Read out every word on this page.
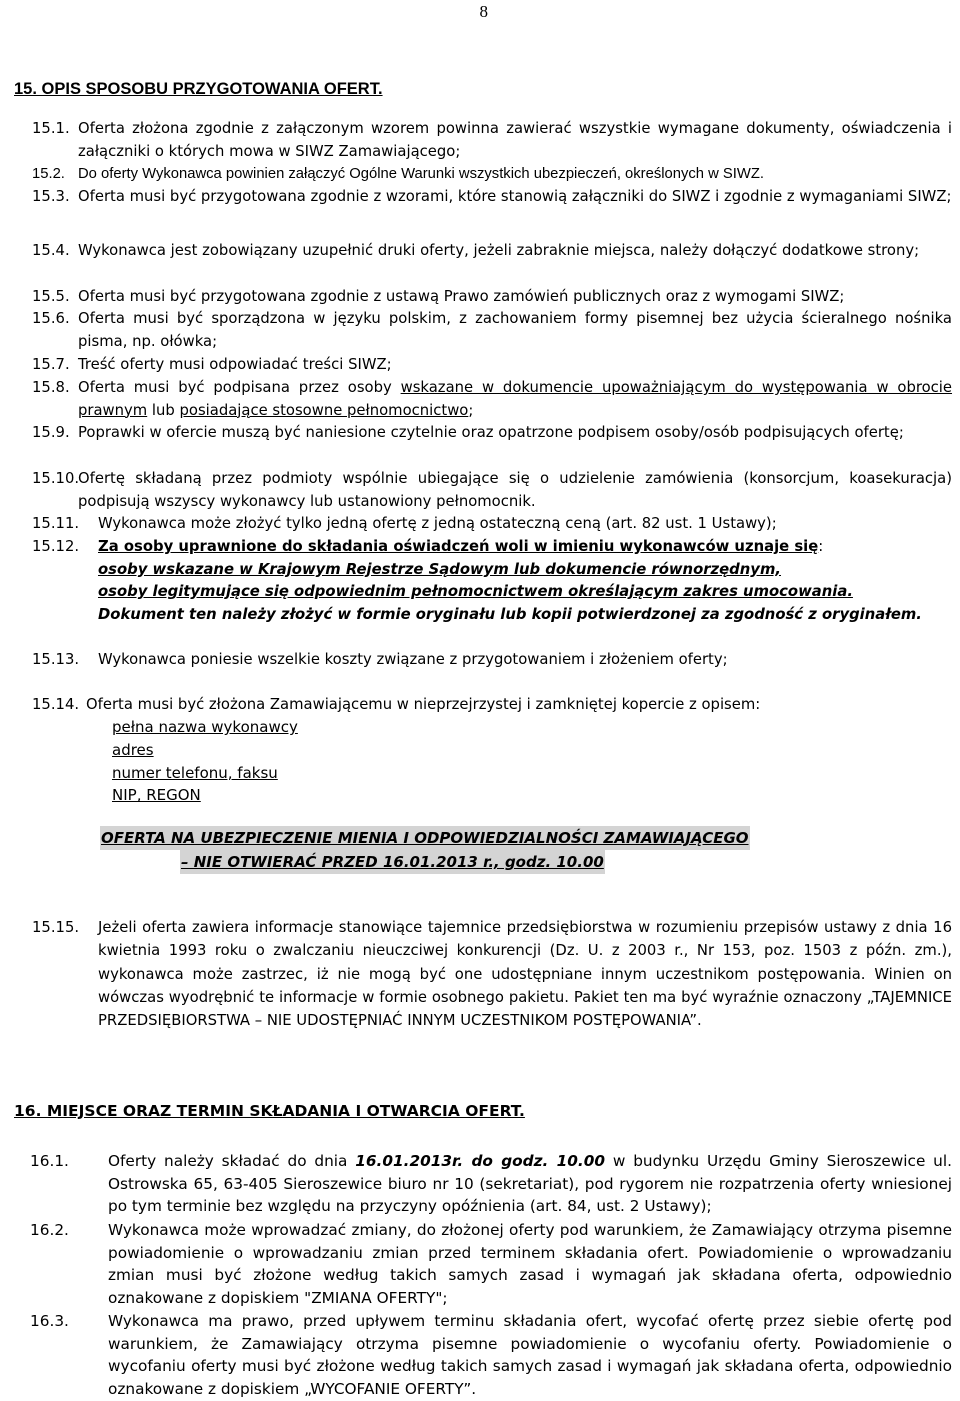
8
15. OPIS SPOSOBU PRZYGOTOWANIA OFERT.
15.1. Oferta złożona zgodnie z załączonym wzorem powinna zawierać wszystkie wymagane dokumenty, oświadczenia i załączniki o których mowa w SIWZ Zamawiającego;
15.2. Do oferty Wykonawca powinien załączyć Ogólne Warunki wszystkich ubezpieczeń, określonych w SIWZ.
15.3. Oferta musi być przygotowana zgodnie z wzorami, które stanowią załączniki do SIWZ i zgodnie z wymaganiami SIWZ;
15.4. Wykonawca jest zobowiązany uzupełnić druki oferty, jeżeli zabraknie miejsca, należy dołączyć dodatkowe strony;
15.5. Oferta musi być przygotowana zgodnie z ustawą Prawo zamówień publicznych oraz z wymogami SIWZ;
15.6. Oferta musi być sporządzona w języku polskim, z zachowaniem formy pisemnej bez użycia ścieralnego nośnika pisma, np. ołówka;
15.7. Treść oferty musi odpowiadać treści SIWZ;
15.8. Oferta musi być podpisana przez osoby wskazane w dokumencie upoważniającym do występowania w obrocie prawnym lub posiadające stosowne pełnomocnictwo;
15.9. Poprawki w ofercie muszą być naniesione czytelnie oraz opatrzone podpisem osoby/osób podpisujących ofertę;
15.10.
Ofertę składaną przez podmioty wspólnie ubiegające się o udzielenie zamówienia (konsorcjum, koasekuracja) podpisują wszyscy wykonawcy lub ustanowiony pełnomocnik.
15.11. Wykonawca może złożyć tylko jedną ofertę z jedną ostateczną ceną (art. 82 ust. 1 Ustawy);
15.12. Za osoby uprawnione do składania oświadczeń woli w imieniu wykonawców uznaje się:
osoby wskazane w Krajowym Rejestrze Sądowym lub dokumencie równorzędnym,
osoby legitymujące się odpowiednim pełnomocnictwem określającym zakres umocowania.
Dokument ten należy złożyć w formie oryginału lub kopii potwierdzonej za zgodność z oryginałem.
15.13. Wykonawca poniesie wszelkie koszty związane z przygotowaniem i złożeniem oferty;
15.14. Oferta musi być złożona Zamawiającemu w nieprzejrzystej i zamkniętej kopercie z opisem:
pełna nazwa wykonawcy
adres
numer telefonu, faksu
NIP, REGON
OFERTA NA UBEZPIECZENIE MIENIA I ODPOWIEDZIALNOŚCI ZAMAWIAJĄCEGO
– NIE OTWIERAĆ PRZED 16.01.2013 r., godz. 10.00
15.15. Jeżeli oferta zawiera informacje stanowiące tajemnice przedsiębiorstwa w rozumieniu przepisów ustawy z dnia 16 kwietnia 1993 roku o zwalczaniu nieuczciwej konkurencji (Dz. U. z 2003 r., Nr 153, poz. 1503 z późn. zm.), wykonawca może zastrzec, iż nie mogą być one udostępniane innym uczestnikom postępowania. Winien on wówczas wyodrębnić te informacje w formie osobnego pakietu. Pakiet ten ma być wyraźnie oznaczony „TAJEMNICE PRZEDSIĘBIORSTWA – NIE UDOSTĘPNIAĆ INNYM UCZESTNIKOM POSTĘPOWANIA”.
16. MIEJSCE ORAZ TERMIN SKŁADANIA I OTWARCIA OFERT.
16.1.	Oferty należy składać do dnia 16.01.2013r. do godz. 10.00 w budynku Urzędu Gminy Sieroszewice ul. Ostrowska 65, 63-405 Sieroszewice biuro nr 10 (sekretariat), pod rygorem nie rozpatrzenia oferty wniesionej po tym terminie bez względu na przyczyny opóźnienia (art. 84, ust. 2 Ustawy);
16.2.	Wykonawca może wprowadzać zmiany, do złożonej oferty pod warunkiem, że Zamawiający otrzyma pisemne powiadomienie o wprowadzaniu zmian przed terminem składania ofert. Powiadomienie o wprowadzaniu zmian musi być złożone według takich samych zasad i wymagań jak składana oferta, odpowiednio oznakowane z dopiskiem "ZMIANA OFERTY";
16.3.	Wykonawca ma prawo, przed upływem terminu składania ofert, wycofać ofertę przez siebie ofertę pod warunkiem, że Zamawiający otrzyma pisemne powiadomienie o wycofaniu oferty. Powiadomienie o wycofaniu oferty musi być złożone według takich samych zasad i wymagań jak składana oferta, odpowiednio oznakowane z dopiskiem „WYCOFANIE OFERTY”.
